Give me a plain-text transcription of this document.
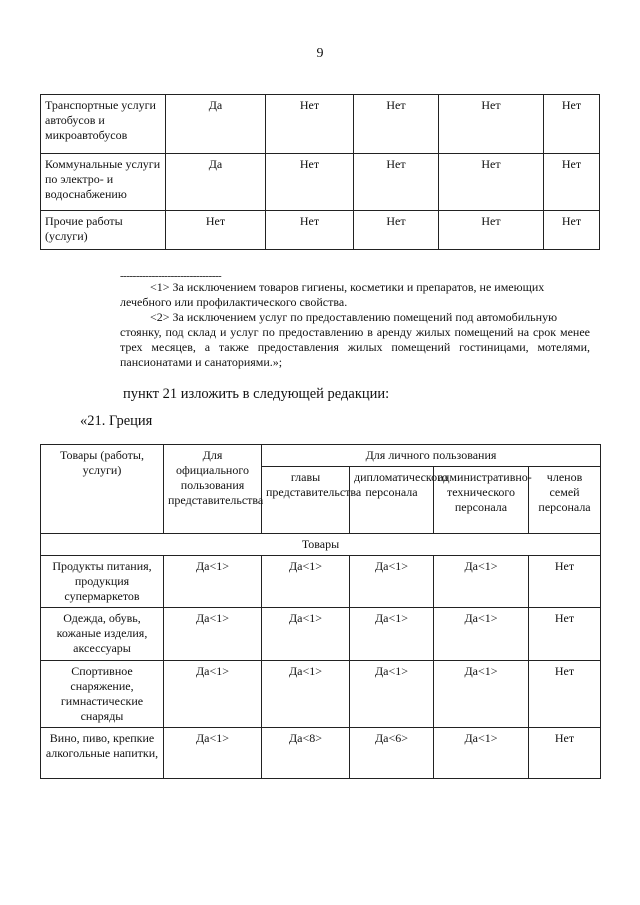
9
Транспортные услуги автобусов и микроавтобусов	Да	Нет	Нет	Нет	Нет
Коммунальные услуги по электро- и водоснабжению	Да	Нет	Нет	Нет	Нет
Прочие работы (услуги)	Нет	Нет	Нет	Нет	Нет
--------------------------------
<1> За исключением товаров гигиены, косметики и препаратов, не имеющих
лечебного или профилактического свойства.
<2> За исключением услуг по предоставлению помещений под автомобильную
стоянку, под склад и услуг по предоставлению в аренду жилых помещений на срок менее трех месяцев, а также предоставления жилых помещений гостиницами, мотелями, пансионатами и санаториями.»;
пункт 21 изложить в следующей редакции:
«21. Греция
Товары (работы, услуги)	Для официального пользования представительства	Для личного пользования			
		главы представительства	дипломатического персонала	административно-технического персонала	членов семей персонала
Товары					
Продукты питания, продукция супермаркетов	Да<1>	Да<1>	Да<1>	Да<1>	Нет
Одежда, обувь, кожаные изделия, аксессуары	Да<1>	Да<1>	Да<1>	Да<1>	Нет
Спортивное снаряжение, гимнастические снаряды	Да<1>	Да<1>	Да<1>	Да<1>	Нет
Вино, пиво, крепкие алкогольные напитки,	Да<1>	Да<8>	Да<6>	Да<1>	Нет
